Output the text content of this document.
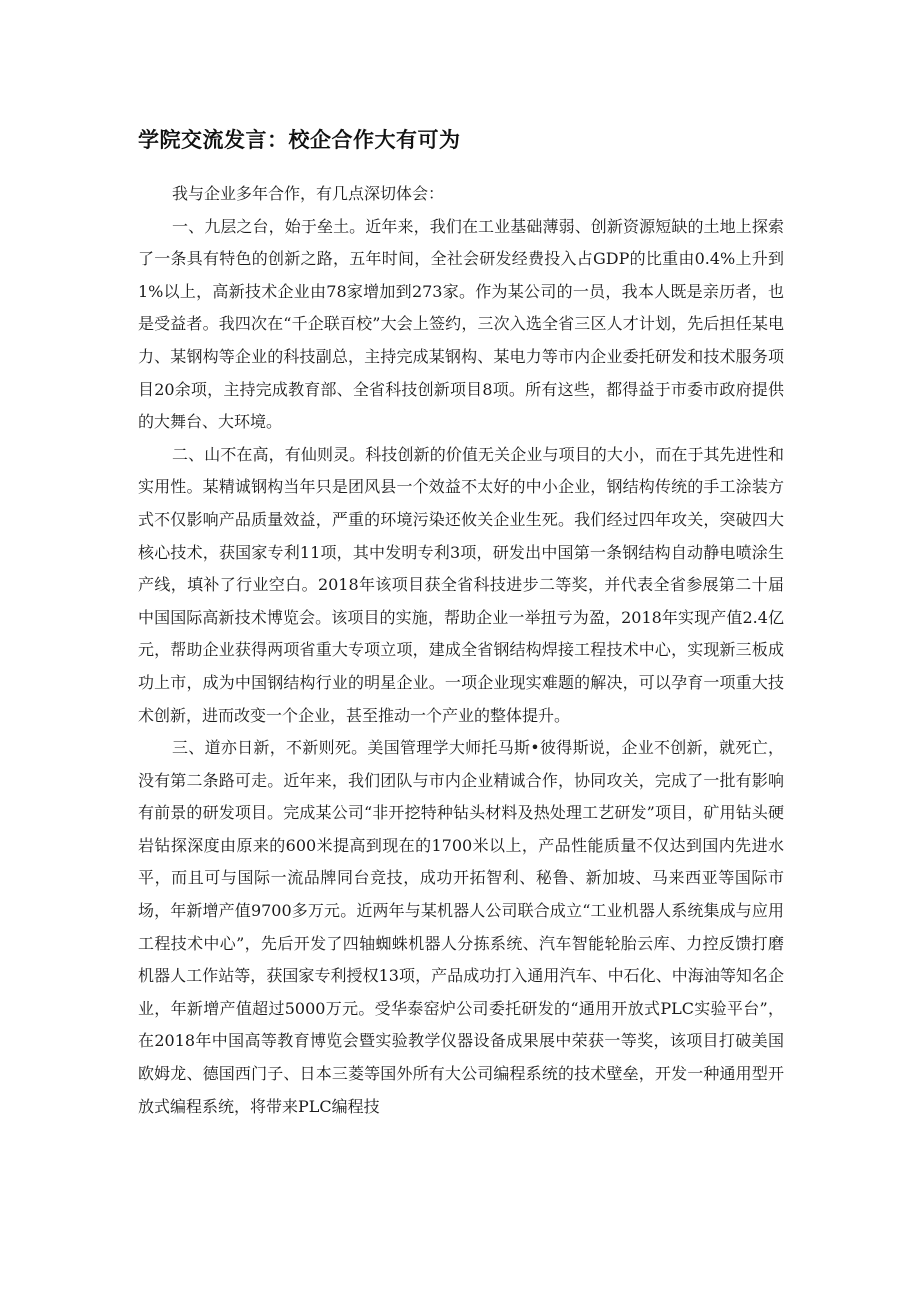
学院交流发言：校企合作大有可为

我与企业多年合作，有几点深切体会：

一、九层之台，始于垒土。近年来，我们在工业基础薄弱、创新资源短缺的土地上探索了一条具有特色的创新之路，五年时间，全社会研发经费投入占GDP的比重由0.4%上升到1%以上，高新技术企业由78家增加到273家。作为某公司的一员，我本人既是亲历者，也是受益者。我四次在“千企联百校”大会上签约，三次入选全省三区人才计划，先后担任某电力、某钢构等企业的科技副总，主持完成某钢构、某电力等市内企业委托研发和技术服务项目20余项，主持完成教育部、全省科技创新项目8项。所有这些，都得益于市委市政府提供的大舞台、大环境。

二、山不在高，有仙则灵。科技创新的价值无关企业与项目的大小，而在于其先进性和实用性。某精诚钢构当年只是团风县一个效益不太好的中小企业，钢结构传统的手工涂装方式不仅影响产品质量效益，严重的环境污染还攸关企业生死。我们经过四年攻关，突破四大核心技术，获国家专利11项，其中发明专利3项，研发出中国第一条钢结构自动静电喷涂生产线，填补了行业空白。2018年该项目获全省科技进步二等奖，并代表全省参展第二十届中国国际高新技术博览会。该项目的实施，帮助企业一举扭亏为盈，2018年实现产值2.4亿元，帮助企业获得两项省重大专项立项，建成全省钢结构焊接工程技术中心，实现新三板成功上市，成为中国钢结构行业的明星企业。一项企业现实难题的解决，可以孕育一项重大技术创新，进而改变一个企业，甚至推动一个产业的整体提升。

三、道亦日新，不新则死。美国管理学大师托马斯•彼得斯说，企业不创新，就死亡，没有第二条路可走。近年来，我们团队与市内企业精诚合作，协同攻关，完成了一批有影响有前景的研发项目。完成某公司“非开挖特种钻头材料及热处理工艺研发”项目，矿用钻头硬岩钻探深度由原来的600米提高到现在的1700米以上，产品性能质量不仅达到国内先进水平，而且可与国际一流品牌同台竞技，成功开拓智利、秘鲁、新加坡、马来西亚等国际市场，年新增产值9700多万元。近两年与某机器人公司联合成立“工业机器人系统集成与应用工程技术中心”，先后开发了四轴蜘蛛机器人分拣系统、汽车智能轮胎云库、力控反馈打磨机器人工作站等，获国家专利授权13项，产品成功打入通用汽车、中石化、中海油等知名企业，年新增产值超过5000万元。受华泰窑炉公司委托研发的“通用开放式PLC实验平台”，在2018年中国高等教育博览会暨实验教学仪器设备成果展中荣获一等奖，该项目打破美国欧姆龙、德国西门子、日本三菱等国外所有大公司编程系统的技术壁垒，开发一种通用型开放式编程系统，将带来PLC编程技
